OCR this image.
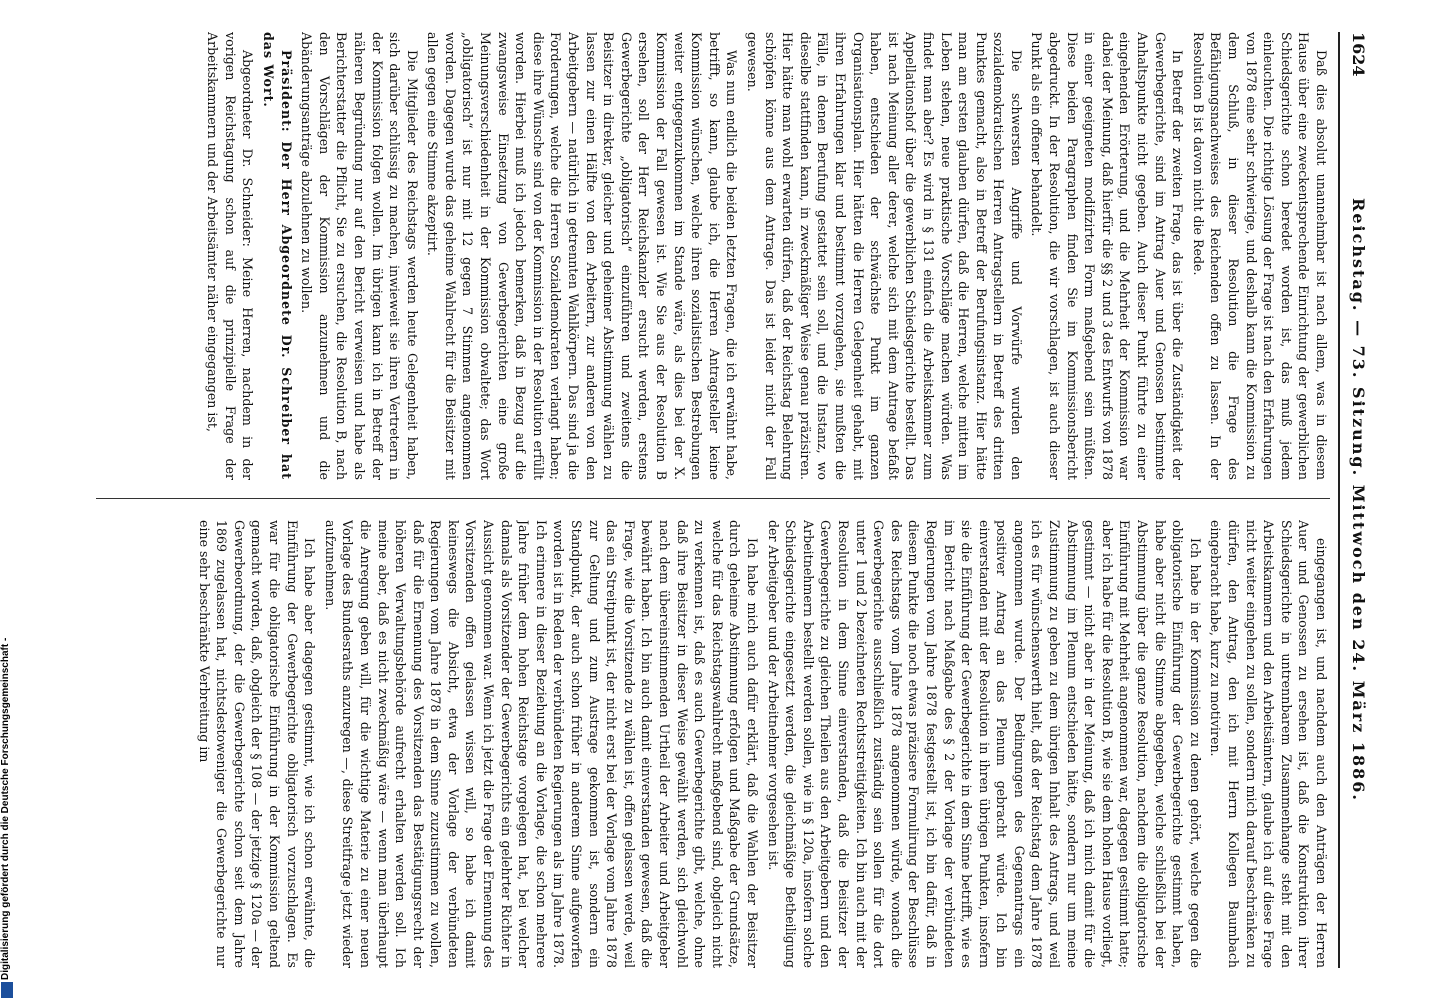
Digitalisierung gefördert durch die Deutsche Forschungsgemeinschaft -
1624
Reichstag. — 73. Sitzung. Mittwoch den 24. März 1886.

Daß dies absolut unannehmbar ist nach allem, was in diesem Hause über eine zweckentsprechende Einrichtung der gewerblichen Schiedsgerichte schon beredet worden ist, das muß jedem einleuchten. Die richtige Lösung der Frage ist nach den Erfahrungen von 1878 eine sehr schwierige, und deshalb kann die Kommission zu dem Schluß, in dieser Resolution die Frage des Befähigungsnachweises des Reichenden offen zu lassen. In der Resolution B ist davon nicht die Rede.

In Betreff der zweiten Frage, das ist über die Zuständigkeit der Gewerbegerichte, sind im Antrag Auer und Genossen bestimmte Anhaltspunkte nicht gegeben. Auch dieser Punkt führte zu einer eingehenden Erörterung, und die Mehrheit der Kommission war dabei der Meinung, daß hierfür die §§ 2 und 3 des Entwurfs von 1878 in einer geeigneten modifizirten Form maßgebend sein müßten. Diese beiden Paragraphen finden Sie im Kommissionsbericht abgedruckt. In der Resolution, die wir vorschlagen, ist auch dieser Punkt als ein offener behandelt.

Die schwersten Angriffe und Vorwürfe wurden den sozialdemokratischen Herren Antragstellern in Betreff des dritten Punktes gemacht, also in Betreff der Berufungsinstanz. Hier hätte man am ersten glauben dürfen, daß die Herren, welche mitten im Leben stehen, neue praktische Vorschläge machen würden. Was findet man aber? Es wird in § 131 einfach die Arbeitskammer zum Appellationshof über die gewerblichen Schiedsgerichte bestellt. Das ist nach Meinung aller derer, welche sich mit dem Antrage befaßt haben, entschieden der schwächste Punkt im ganzen Organisationsplan. Hier hätten die Herren Gelegenheit gehabt, mit ihren Erfahrungen klar und bestimmt vorzugehen, sie mußten die Fälle, in denen Berufung gestattet sein soll, und die Instanz, wo dieselbe stattfinden kann, in zweckmäßiger Weise genau präzisiren. Hier hätte man wohl erwarten dürfen, daß der Reichstag Belehrung schöpfen könne aus dem Antrage. Das ist leider nicht der Fall gewesen.

Was nun endlich die beiden letzten Fragen, die ich erwähnt habe, betrifft, so kann, glaube ich, die Herren Antragsteller keine Kommission wünschen, welche ihren sozialistischen Bestrebungen weiter entgegenzukommen im Stande wäre, als dies bei der X. Kommission der Fall gewesen ist. Wie Sie aus der Resolution B ersehen, soll der Herr Reichskanzler ersucht werden, erstens Gewerbegerichte „obligatorisch“ einzuführen und zweitens die Beisitzer in direkter, gleicher und geheimer Abstimmung wählen zu lassen zur einen Hälfte von den Arbeitern, zur anderen von den Arbeitgebern — natürlich in getrennten Wahlkörpern. Das sind ja die Forderungen, welche die Herren Sozialdemokraten verlangt haben; diese ihre Wünsche sind von der Kommission in der Resolution erfüllt worden. Hierbei muß ich jedoch bemerken, daß in Bezug auf die zwangsweise Einsetzung von Gewerbegerichten eine große Meinungsverschiedenheit in der Kommission obwaltete; das Wort „obligatorisch“ ist nur mit 12 gegen 7 Stimmen angenommen worden. Dagegen wurde das geheime Wahlrecht für die Beisitzer mit allen gegen eine Stimme akzeptirt.

Die Mitglieder des Reichstags werden heute Gelegenheit haben, sich darüber schlüssig zu machen, inwieweit sie ihren Vertretern in der Kommission folgen wollen. Im übrigen kann ich in Betreff der näheren Begründung nur auf den Bericht verweisen und habe als Berichterstatter die Pflicht, Sie zu ersuchen, die Resolution B, nach den Vorschlägen der Kommission anzunehmen und die Abänderungsanträge abzulehnen zu wollen.

Präsident: Der Herr Abgeordnete Dr. Schreiber hat das Wort.

Abgeordneter Dr. Schneider: Meine Herren, nachdem in der vorigen Reichstagung schon auf die prinzipielle Frage der Arbeitskammern und der Arbeitsämter näher eingegangen ist,

eingegangen ist, und nachdem auch den Anträgen der Herren Auer und Genossen zu ersehen ist, daß die Konstruktion ihrer Schiedsgerichte in untrennbarem Zusammenhange steht mit den Arbeitskammern und den Arbeitsämtern, glaube ich auf diese Frage nicht weiter eingehen zu sollen, sondern mich darauf beschränken zu dürfen, den Antrag, den ich mit Herrn Kollegen Baumbach eingebracht habe, kurz zu motiviren.

Ich habe in der Kommission zu denen gehört, welche gegen die obligatorische Einführung der Gewerbegerichte gestimmt haben, habe aber nicht die Stimme abgegeben, welche schließlich bei der Abstimmung über die ganze Resolution, nachdem die obligatorische Einführung mit Mehrheit angenommen war, dagegen gestimmt hatte; aber ich habe für die Resolution B, wie sie dem hohen Hause vorliegt, gestimmt — nicht aber in der Meinung, daß ich mich damit für die Abstimmung im Plenum entschieden hätte, sondern nur um meine Zustimmung zu geben zu dem übrigen Inhalt des Antrags, und weil ich es für wünschenswerth hielt, daß der Reichstag dem Jahre 1878 angenommen wurde. Der Bedingungen des Gegenantrags ein positiver Antrag an das Plenum gebracht würde. Ich bin einverstanden mit der Resolution in ihren übrigen Punkten, insofern sie die Einführung der Gewerbegerichte in dem Sinne betrifft, wie es im Bericht nach Maßgabe des § 2 der Vorlage der verbündeten Regierungen vom Jahre 1878 festgestellt ist, ich bin dafür, daß in diesem Punkte die noch etwas präzisere Formulirung der Beschlüsse des Reichstags vom Jahre 1878 angenommen würde, wonach die Gewerbegerichte ausschließlich zuständig sein sollen für die dort unter 1 und 2 bezeichneten Rechtsstreitigkeiten. Ich bin auch mit der Resolution in dem Sinne einverstanden, daß die Beisitzer der Gewerbegerichte zu gleichen Theilen aus den Arbeitgebern und den Arbeitnehmern bestellt werden sollen, wie in § 120a, insofern solche Schiedsgerichte eingesetzt werden, die gleichmäßige Betheiligung der Arbeitgeber und der Arbeitnehmer vorgesehen ist.

Ich habe mich auch dafür erklärt, daß die Wahlen der Beisitzer durch geheime Abstimmung erfolgen und Maßgabe der Grundsätze, welche für das Reichstagswahlrecht maßgebend sind, obgleich nicht zu verkennen ist, daß es auch Gewerbegerichte gibt, welche, ohne daß ihre Beisitzer in dieser Weise gewählt werden, sich gleichwohl nach dem übereinstimmenden Urtheil der Arbeiter und Arbeitgeber bewährt haben. Ich bin auch damit einverstanden gewesen, daß die Frage, wie die Vorsitzende zu wählen ist, offen gelassen werde, weil das ein Streitpunkt ist, der nicht erst bei der Vorlage vom Jahre 1878 zur Geltung und zum Austrage gekommen ist, sondern ein Standpunkt, der auch schon früher in anderem Sinne aufgeworfen worden ist in Reden der verbündeten Regierungen als im Jahre 1878. Ich erinnere in dieser Beziehung an die Vorlage, die schon mehrere Jahre früher dem hohen Reichstage vorgelegen hat, bei welcher damals als Vorsitzender der Gewerbegerichts ein gelehrter Richter in Aussicht genommen war. Wenn ich jetzt die Frage der Ernennung des Vorsitzenden offen gelassen wissen will, so habe ich damit keineswegs die Absicht, etwa der Vorlage der verbündeten Regierungen vom Jahre 1878 in dem Sinne zuzustimmen zu wollen, daß für die Ernennung des Vorsitzenden das Bestätigungsrecht der höheren Verwaltungsbehörde aufrecht erhalten werden soll. Ich meine aber, daß es nicht zweckmäßig wäre — wenn man überhaupt die Anregung geben will, für die wichtige Materie zu einer neuen Vorlage des Bundesraths anzuregen —, diese Streitfrage jetzt wieder aufzunehmen.

Ich habe aber dagegen gestimmt, wie ich schon erwähnte, die Einführung der Gewerbegerichte obligatorisch vorzuschlagen. Es war für die obligatorische Einführung in der Kommission geltend gemacht worden, daß, obgleich der § 108 — der jetzige § 120a — der Gewerbeordnung, der die Gewerbegerichte schon seit dem Jahre 1869 zugelassen hat, nichtsdestoweniger die Gewerbegerichte nur eine sehr beschränkte Verbreitung im
